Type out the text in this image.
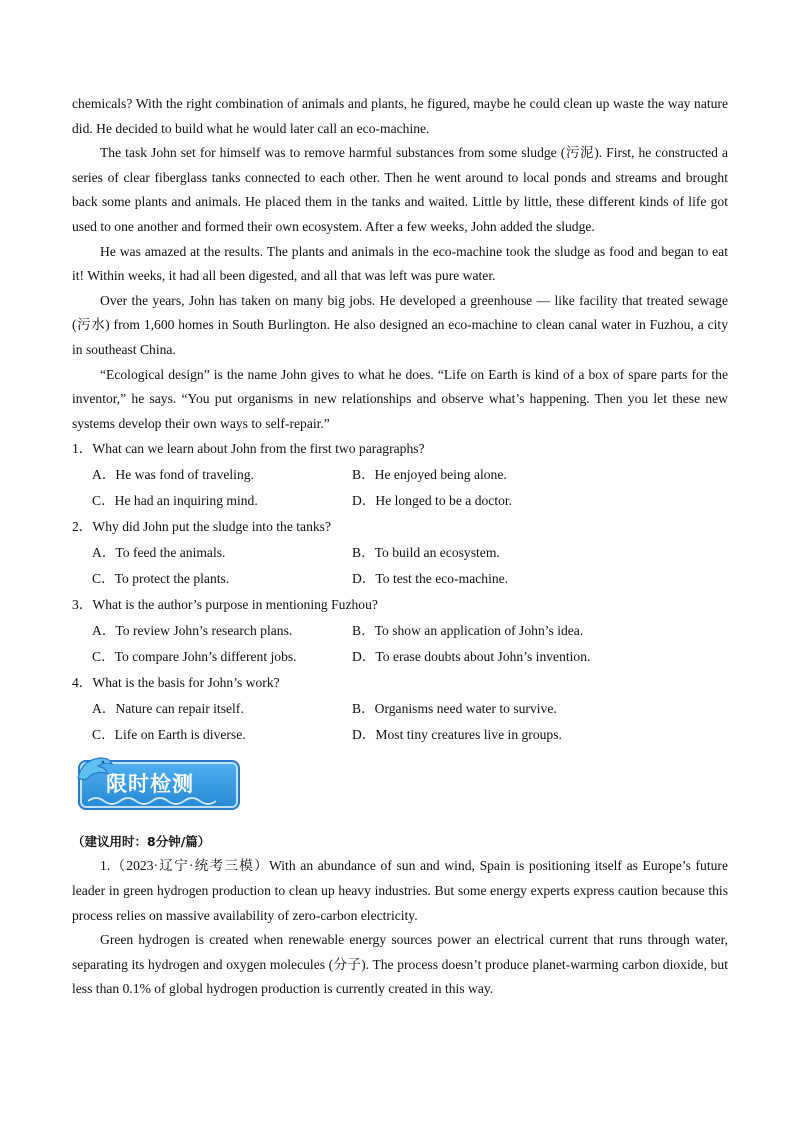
chemicals? With the right combination of animals and plants, he figured, maybe he could clean up waste the way nature did. He decided to build what he would later call an eco-machine.

The task John set for himself was to remove harmful substances from some sludge (污泥). First, he constructed a series of clear fiberglass tanks connected to each other. Then he went around to local ponds and streams and brought back some plants and animals. He placed them in the tanks and waited. Little by little, these different kinds of life got used to one another and formed their own ecosystem. After a few weeks, John added the sludge.

He was amazed at the results. The plants and animals in the eco-machine took the sludge as food and began to eat it! Within weeks, it had all been digested, and all that was left was pure water.

Over the years, John has taken on many big jobs. He developed a greenhouse — like facility that treated sewage (污水) from 1,600 homes in South Burlington. He also designed an eco-machine to clean canal water in Fuzhou, a city in southeast China.

“Ecological design” is the name John gives to what he does. “Life on Earth is kind of a box of spare parts for the inventor,” he says. “You put organisms in new relationships and observe what’s happening. Then you let these new systems develop their own ways to self-repair.”

1．What can we learn about John from the first two paragraphs?

A．He was fond of traveling.	B．He enjoyed being alone.

C．He had an inquiring mind.	D．He longed to be a doctor.

2．Why did John put the sludge into the tanks?

A．To feed the animals.	B．To build an ecosystem.

C．To protect the plants.	D．To test the eco-machine.

3．What is the author’s purpose in mentioning Fuzhou?

A．To review John’s research plans.	B．To show an application of John’s idea.

C．To compare John’s different jobs.	D．To erase doubts about John’s invention.

4．What is the basis for John’s work?

A．Nature can repair itself.	B．Organisms need water to survive.

C．Life on Earth is diverse.	D．Most tiny creatures live in groups.

限时检测

（建议用时：8分钟/篇）

1.（2023·辽宁·统考三模）With an abundance of sun and wind, Spain is positioning itself as Europe’s future leader in green hydrogen production to clean up heavy industries. But some energy experts express caution because this process relies on massive availability of zero-carbon electricity.

Green hydrogen is created when renewable energy sources power an electrical current that runs through water, separating its hydrogen and oxygen molecules (分子). The process doesn’t produce planet-warming carbon dioxide, but less than 0.1% of global hydrogen production is currently created in this way.
